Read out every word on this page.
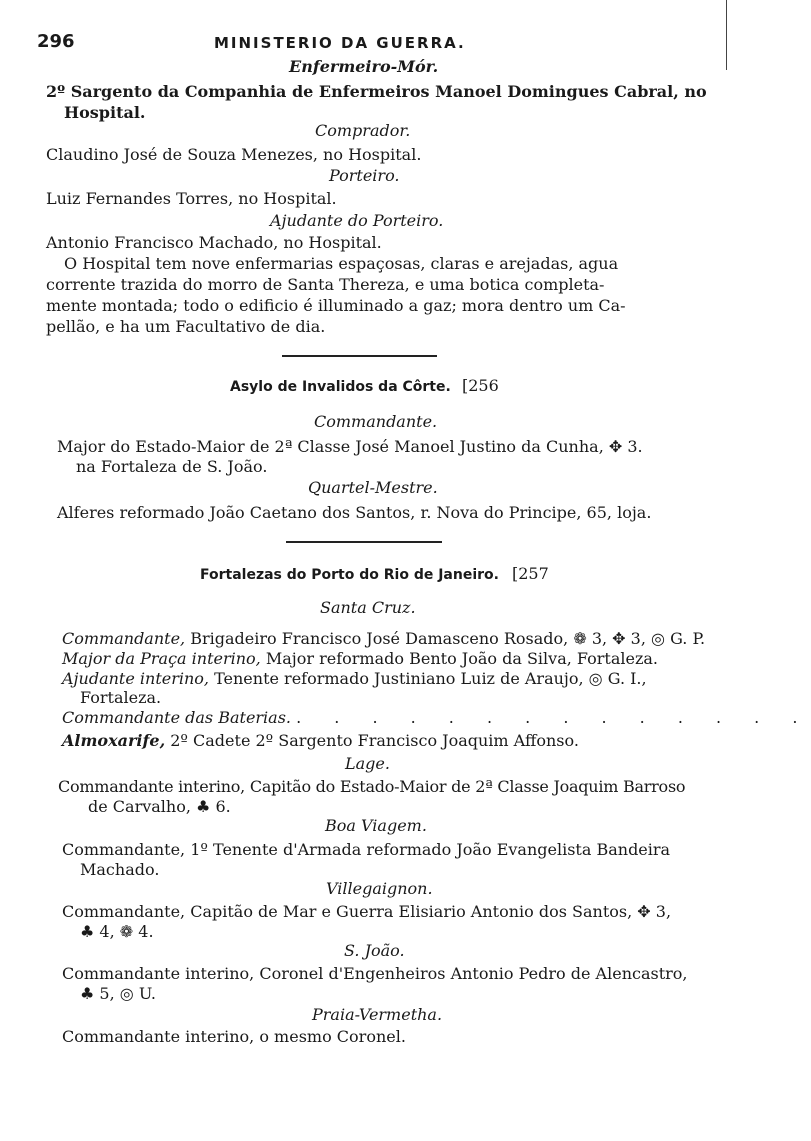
296	MINISTERIO DA GUERRA.
Enfermeiro-Mór.
2º Sargento da Companhia de Enfermeiros Manoel Domingues Cabral, no
Hospital.
Comprador.
Claudino José de Souza Menezes, no Hospital.
Porteiro.
Luiz Fernandes Torres, no Hospital.
Ajudante do Porteiro.
Antonio Francisco Machado, no Hospital.
O Hospital tem nove enfermarias espaçosas, claras e arejadas, agua
corrente trazida do morro de Santa Thereza, e uma botica completa-
mente montada; todo o edificio é illuminado a gaz; mora dentro um Ca-
pellão, e ha um Facultativo de dia.
Asylo de Invalidos da Côrte. [256
Commandante.
Major do Estado-Maior de 2ª Classe José Manoel Justino da Cunha, ✥ 3.
na Fortaleza de S. João.
Quartel-Mestre.
Alferes reformado João Caetano dos Santos, r. Nova do Principe, 65, loja.
Fortalezas do Porto do Rio de Janeiro. [257
Santa Cruz.
Commandante, Brigadeiro Francisco José Damasceno Rosado, ❁ 3, ✥ 3, ◎ G. P.
Major da Praça interino, Major reformado Bento João da Silva, Fortaleza.
Ajudante interino, Tenente reformado Justiniano Luiz de Araujo, ◎ G. I.,
Fortaleza.
Commandante das Baterias. . . . . . . . . . . . . . .
Almoxarife, 2º Cadete 2º Sargento Francisco Joaquim Affonso.
Lage.
Commandante interino, Capitão do Estado-Maior de 2ª Classe Joaquim Barroso
de Carvalho, ♣ 6.
Boa Viagem.
Commandante, 1º Tenente d'Armada reformado João Evangelista Bandeira
Machado.
Villegaignon.
Commandante, Capitão de Mar e Guerra Elisiario Antonio dos Santos, ✥ 3,
♣ 4, ❁ 4.
S. João.
Commandante interino, Coronel d'Engenheiros Antonio Pedro de Alencastro,
♣ 5, ◎ U.
Praia-Vermetha.
Commandante interino, o mesmo Coronel.
